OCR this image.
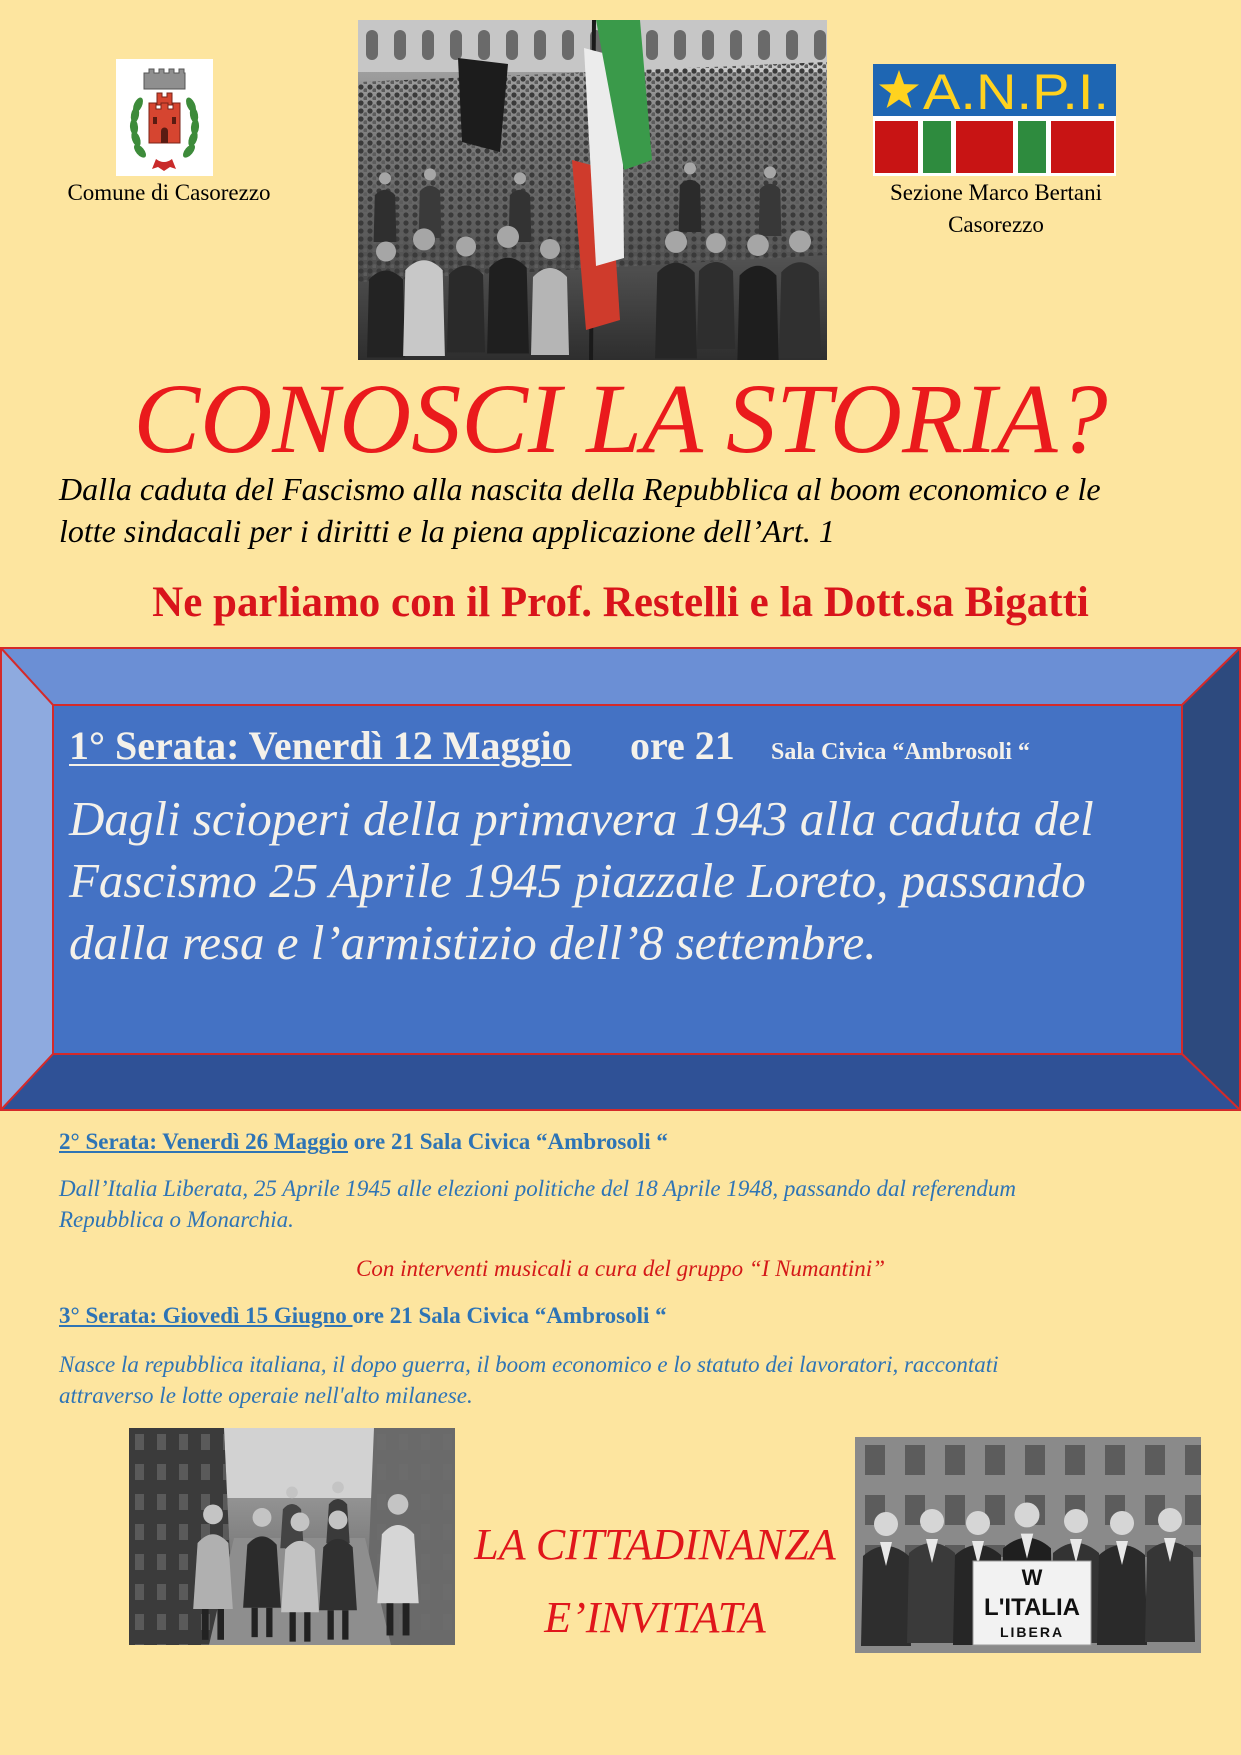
Comune di Casorezzo
A.N.P.I.
Sezione Marco Bertani
Casorezzo
CONOSCI LA STORIA?
Dalla caduta del Fascismo alla nascita della Repubblica al boom economico e le
lotte sindacali per i diritti e la piena applicazione dell’Art. 1
Ne parliamo con il Prof. Restelli e la Dott.sa Bigatti
1° Serata: Venerdì 12 Maggio ore 21 Sala Civica “Ambrosoli “
Dagli scioperi della primavera 1943 alla caduta del
Fascismo 25 Aprile 1945 piazzale Loreto, passando
dalla resa e l’armistizio dell’8 settembre.
2° Serata: Venerdì 26 Maggio ore 21 Sala Civica “Ambrosoli “
Dall’Italia Liberata, 25 Aprile 1945 alle elezioni politiche del 18 Aprile 1948, passando dal referendum
Repubblica o Monarchia.
Con interventi musicali a cura del gruppo “I Numantini”
3° Serata: Giovedì 15 Giugno ore 21 Sala Civica “Ambrosoli “
Nasce la repubblica italiana, il dopo guerra, il boom economico e lo statuto dei lavoratori, raccontati
attraverso le lotte operaie nell'alto milanese.
LA CITTADINANZA
E’INVITATA
W
L'ITALIA
LIBERA
